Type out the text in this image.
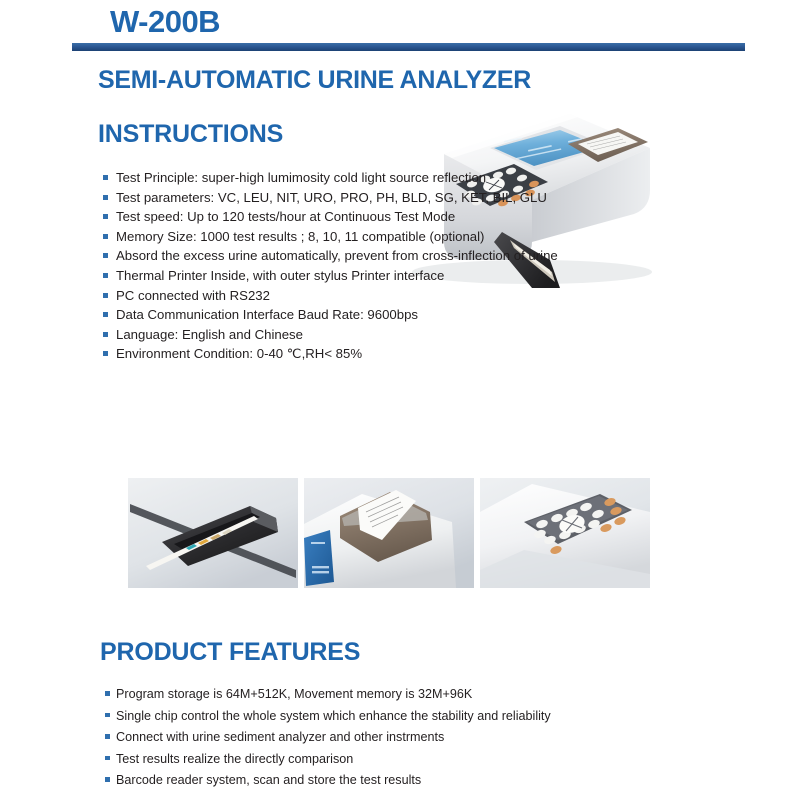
W-200B
SEMI-AUTOMATIC URINE ANALYZER
INSTRUCTIONS
Test Principle: super-high lumimosity cold light source reflection
Test parameters: VC, LEU, NIT, URO, PRO, PH, BLD, SG, KET, BIL, GLU
Test speed: Up to 120 tests/hour at Continuous Test Mode
Memory Size: 1000 test results ; 8, 10, 11 compatible (optional)
Absord the excess urine automatically, prevent from cross-inflection of urine
Thermal Printer Inside, with outer stylus Printer interface
PC connected with RS232
Data Communication Interface Baud Rate: 9600bps
Language: English and Chinese
Environment Condition: 0-40 ℃,RH< 85%
PRODUCT FEATURES
Program storage is 64M+512K, Movement memory is 32M+96K
Single chip control the whole system which enhance the stability and reliability
Connect with urine sediment analyzer and other instrments
Test results realize the directly comparison
Barcode reader system, scan and store the test results
